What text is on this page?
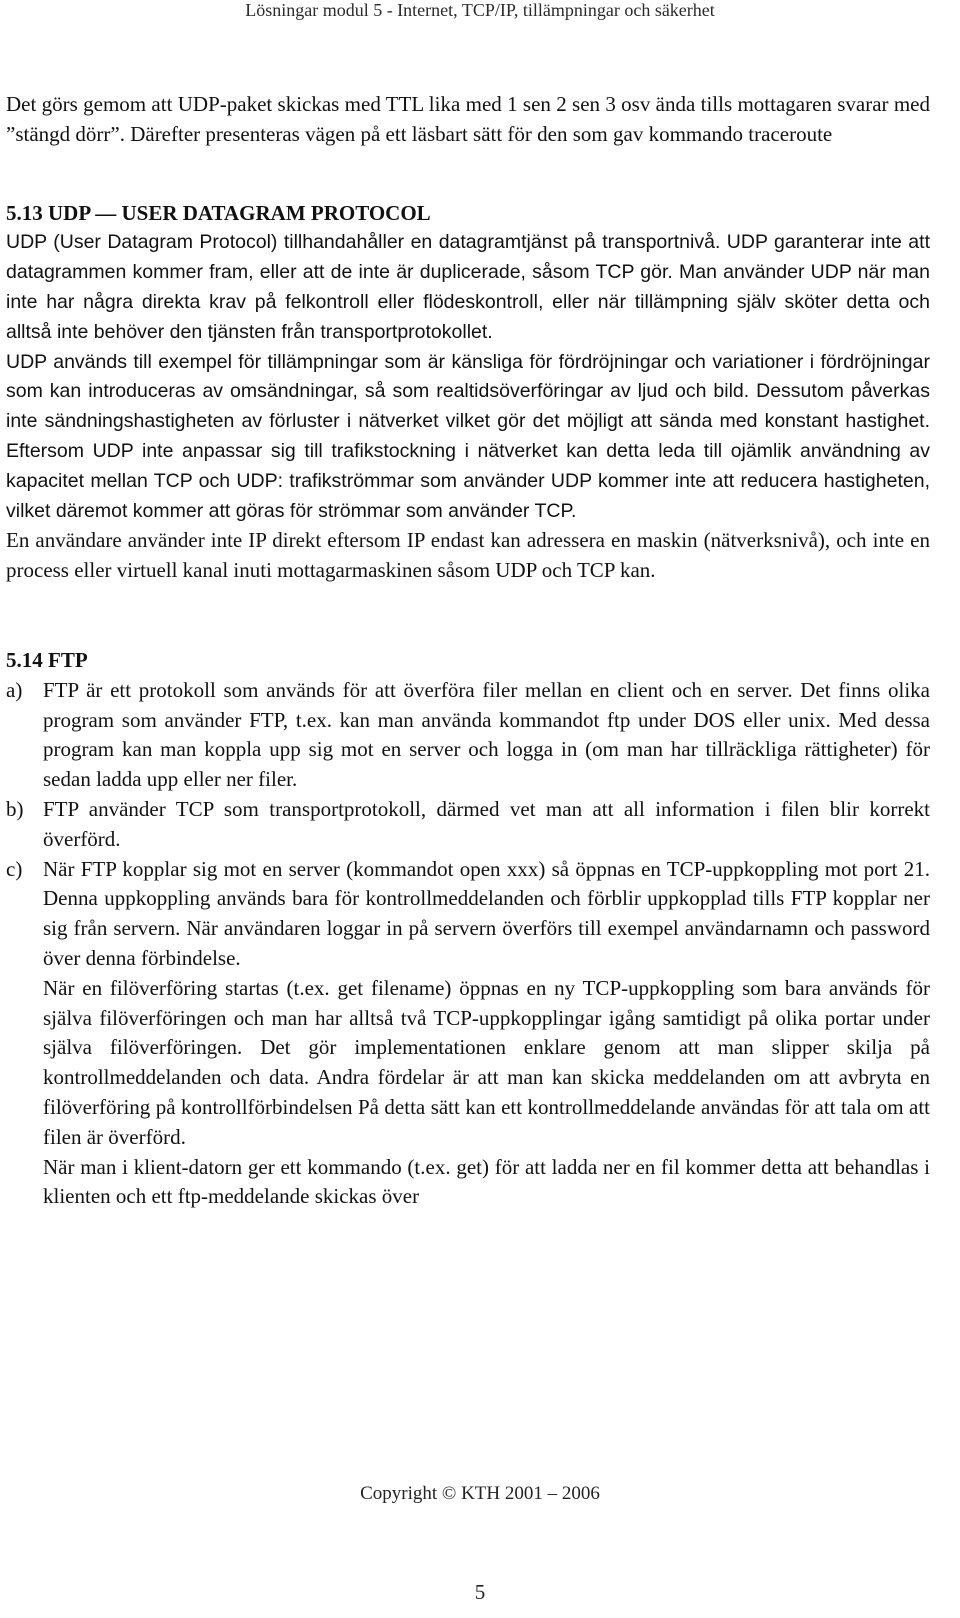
Lösningar modul 5 - Internet, TCP/IP, tillämpningar och säkerhet

Det görs gemom att UDP-paket skickas med TTL lika med 1 sen 2 sen 3 osv ända tills mottagaren svarar med ”stängd dörr”. Därefter presenteras vägen på ett läsbart sätt för den som gav kommando traceroute

5.13 UDP — USER DATAGRAM PROTOCOL

UDP (User Datagram Protocol) tillhandahåller en datagramtjänst på transportnivå. UDP garanterar inte att datagrammen kommer fram, eller att de inte är duplicerade, såsom TCP gör. Man använder UDP när man inte har några direkta krav på felkontroll eller flödeskontroll, eller när tillämpning själv sköter detta och alltså inte behöver den tjänsten från transportprotokollet.

UDP används till exempel för tillämpningar som är känsliga för fördröjningar och variationer i fördröjningar som kan introduceras av omsändningar, så som realtidsöverföringar av ljud och bild. Dessutom påverkas inte sändningshastigheten av förluster i nätverket vilket gör det möjligt att sända med konstant hastighet. Eftersom UDP inte anpassar sig till trafikstockning i nätverket kan detta leda till ojämlik användning av kapacitet mellan TCP och UDP: trafikströmmar som använder UDP kommer inte att reducera hastigheten, vilket däremot kommer att göras för strömmar som använder TCP.

En användare använder inte IP direkt eftersom IP endast kan adressera en maskin (nätverksnivå), och inte en process eller virtuell kanal inuti mottagarmaskinen såsom UDP och TCP kan.

5.14 FTP

a) FTP är ett protokoll som används för att överföra filer mellan en client och en server. Det finns olika program som använder FTP, t.ex. kan man använda kommandot ftp under DOS eller unix. Med dessa program kan man koppla upp sig mot en server och logga in (om man har tillräckliga rättigheter) för sedan ladda upp eller ner filer.

b) FTP använder TCP som transportprotokoll, därmed vet man att all information i filen blir korrekt överförd.

c) När FTP kopplar sig mot en server (kommandot open xxx) så öppnas en TCP-uppkoppling mot port 21. Denna uppkoppling används bara för kontrollmeddelanden och förblir uppkopplad tills FTP kopplar ner sig från servern. När användaren loggar in på servern överförs till exempel användarnamn och password över denna förbindelse.

När en filöverföring startas (t.ex. get filename) öppnas en ny TCP-uppkoppling som bara används för själva filöverföringen och man har alltså två TCP-uppkopplingar igång samtidigt på olika portar under själva filöverföringen. Det gör implementationen enklare genom att man slipper skilja på kontrollmeddelanden och data. Andra fördelar är att man kan skicka meddelanden om att avbryta en filöverföring på kontrollförbindelsen På detta sätt kan ett kontrollmeddelande användas för att tala om att filen är överförd.

När man i klient-datorn ger ett kommando (t.ex. get) för att ladda ner en fil kommer detta att behandlas i klienten och ett ftp-meddelande skickas över

Copyright © KTH 2001 – 2006
5
